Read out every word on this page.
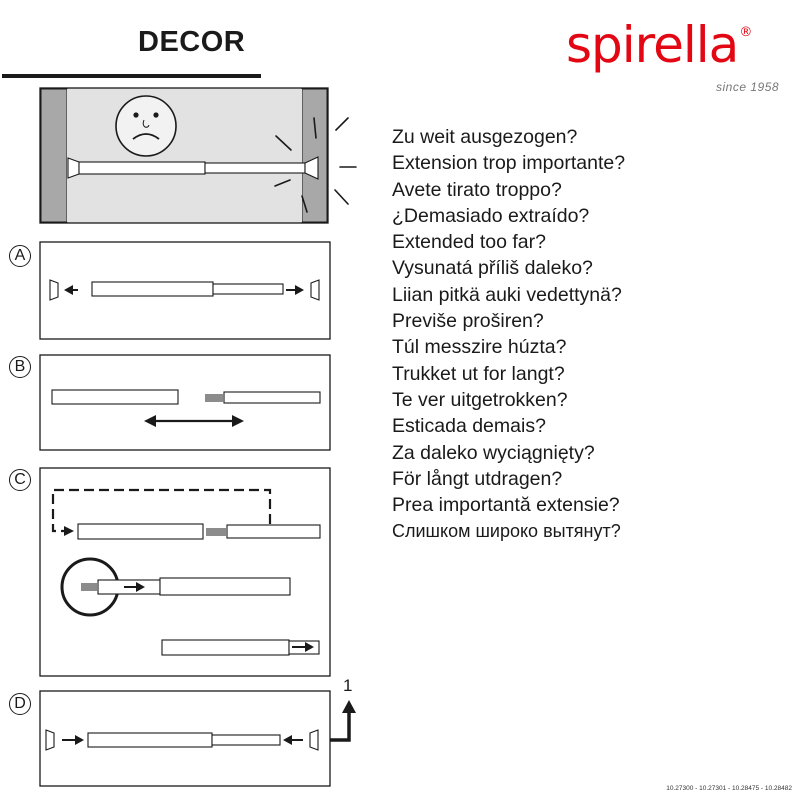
DECOR	spirella®
since 1958
A
B
C
D
1
Zu weit ausgezogen?
Extension trop importante?
Avete tirato troppo?
¿Demasiado extraído?
Extended too far?
Vysunatá příliš daleko?
Liian pitkä auki vedettynä?
Previše proširen?
Túl messzire húzta?
Trukket ut for langt?
Te ver uitgetrokken?
Esticada demais?
Za daleko wyciągnięty?
För långt utdragen?
Prea importantă extensie?
Слишком широко вытянут?
10.27300 - 10.27301 - 10.28475 - 10.28482
